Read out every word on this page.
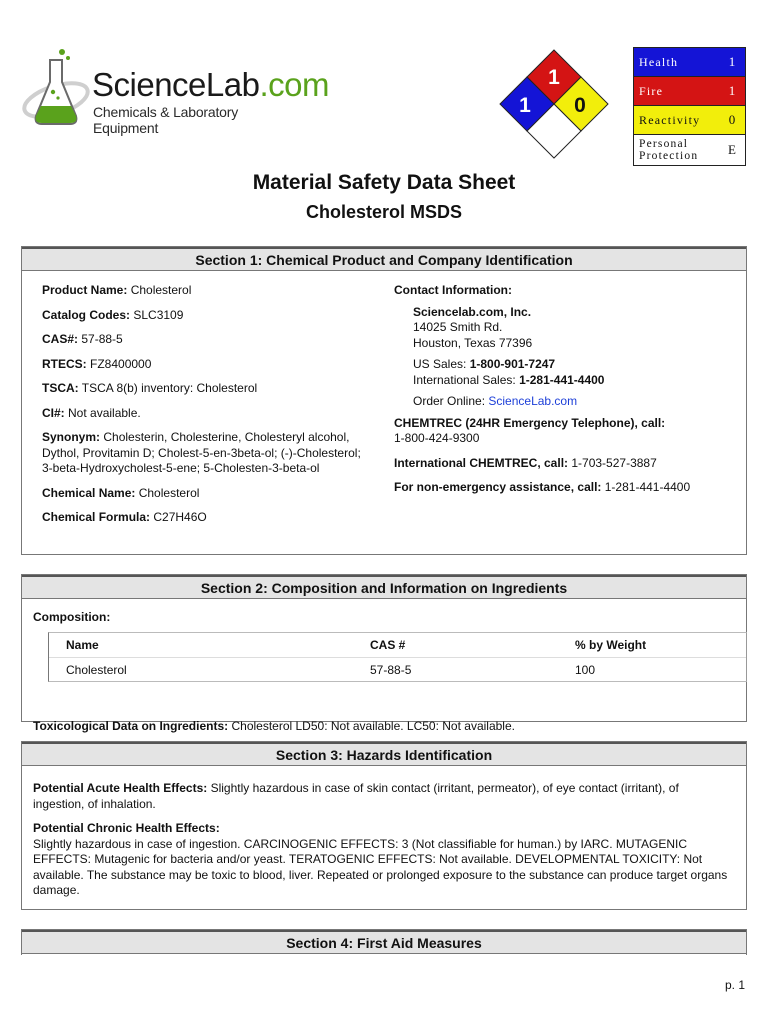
ScienceLab.com
Chemicals & Laboratory Equipment
1
1 0
Health	1
Fire	1
Reactivity	0
Personal
Protection	E
Material Safety Data Sheet
Cholesterol MSDS
Section 1: Chemical Product and Company Identification
Product Name: Cholesterol
Catalog Codes: SLC3109
CAS#: 57-88-5
RTECS: FZ8400000
TSCA: TSCA 8(b) inventory: Cholesterol
CI#: Not available.
Synonym: Cholesterin, Cholesterine, Cholesteryl alcohol, Dythol, Provitamin D; Cholest-5-en-3beta-ol; (-)-Cholesterol; 3-beta-Hydroxycholest-5-ene; 5-Cholesten-3-beta-ol
Chemical Name: Cholesterol
Chemical Formula: C27H46O
Contact Information:
Sciencelab.com, Inc.
14025 Smith Rd.
Houston, Texas 77396
US Sales: 1-800-901-7247
International Sales: 1-281-441-4400
Order Online: ScienceLab.com
CHEMTREC (24HR Emergency Telephone), call:
1-800-424-9300
International CHEMTREC, call: 1-703-527-3887
For non-emergency assistance, call: 1-281-441-4400
Section 2: Composition and Information on Ingredients
Composition:
Name	CAS #	% by Weight
Cholesterol	57-88-5	100
Toxicological Data on Ingredients: Cholesterol LD50: Not available. LC50: Not available.
Section 3: Hazards Identification

Potential Acute Health Effects: Slightly hazardous in case of skin contact (irritant, permeator), of eye contact (irritant), of ingestion, of inhalation.

Potential Chronic Health Effects:
Slightly hazardous in case of ingestion. CARCINOGENIC EFFECTS: 3 (Not classifiable for human.) by IARC. MUTAGENIC EFFECTS: Mutagenic for bacteria and/or yeast. TERATOGENIC EFFECTS: Not available. DEVELOPMENTAL TOXICITY: Not available. The substance may be toxic to blood, liver. Repeated or prolonged exposure to the substance can produce target organs damage.

Section 4: First Aid Measures
p. 1
